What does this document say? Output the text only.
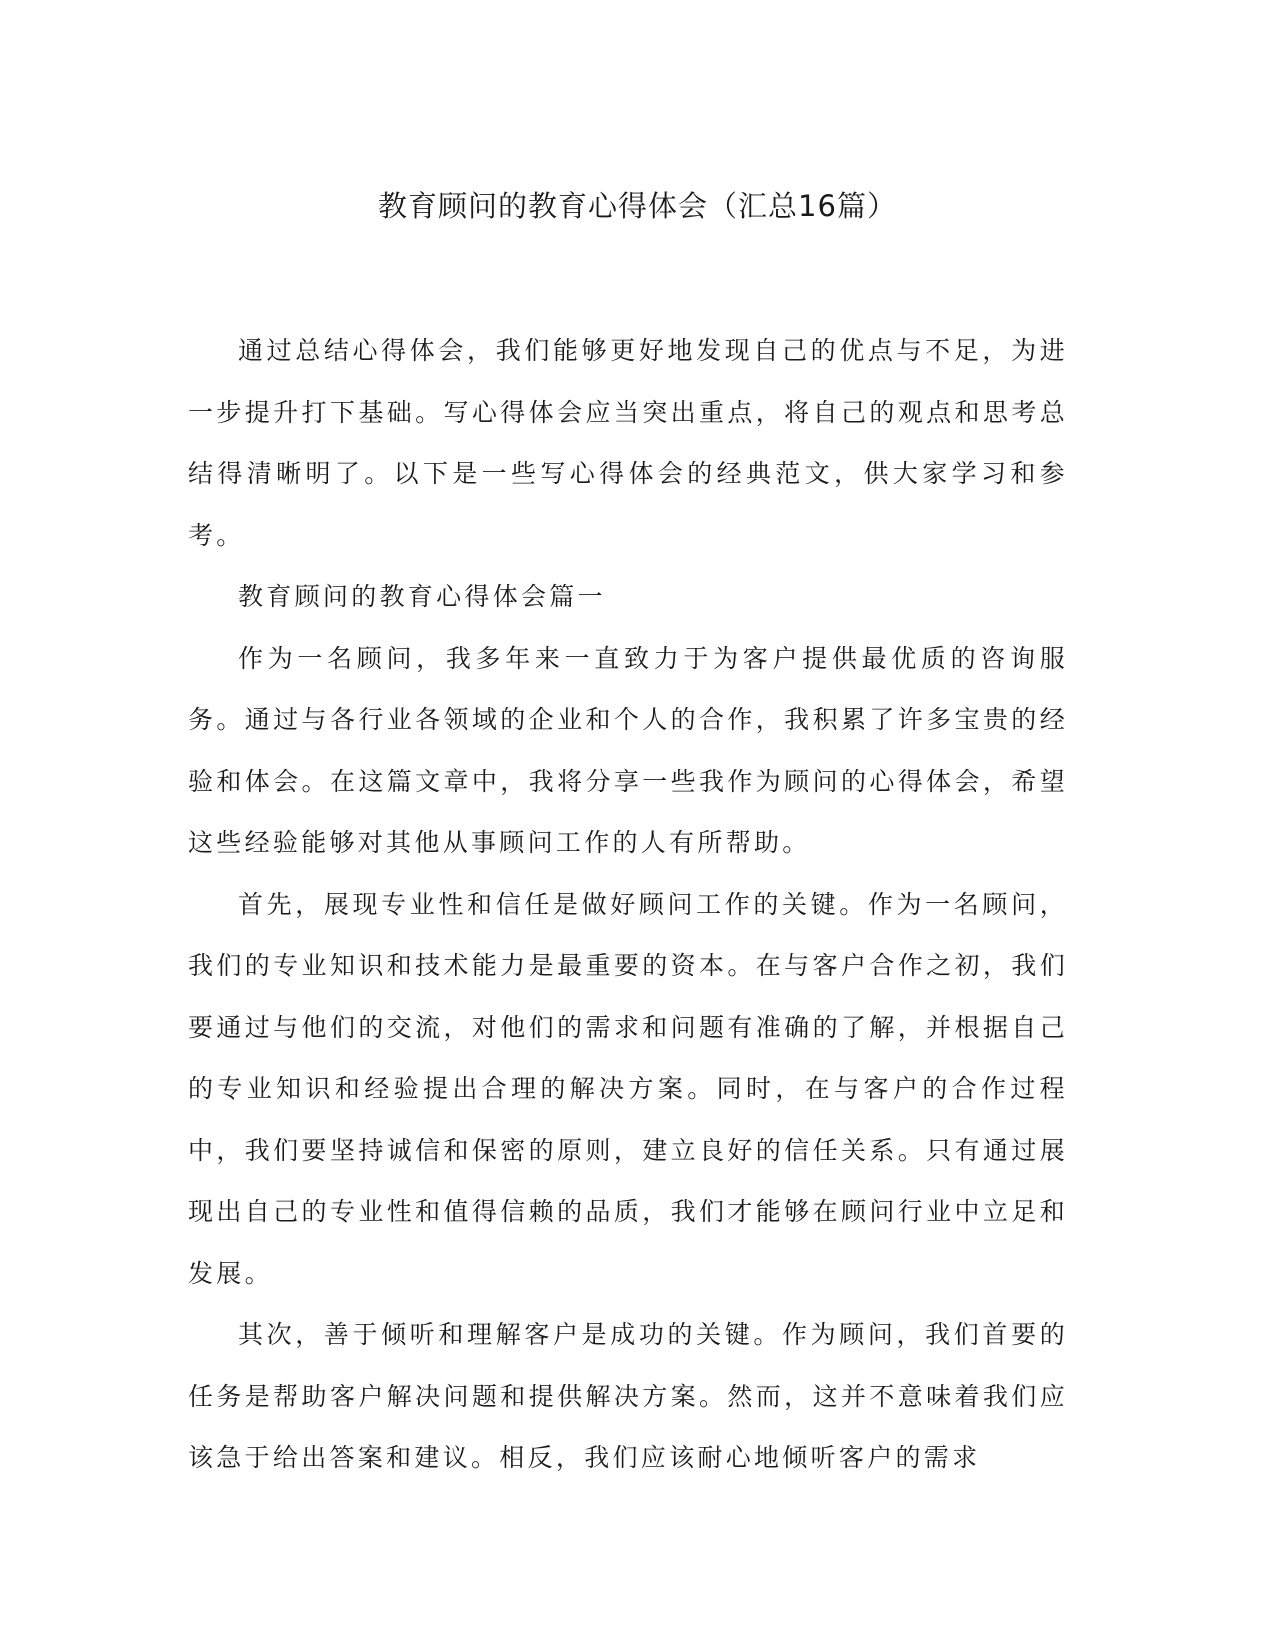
教育顾问的教育心得体会（汇总16篇）

通过总结心得体会，我们能够更好地发现自己的优点与不足，为进一步提升打下基础。写心得体会应当突出重点，将自己的观点和思考总结得清晰明了。以下是一些写心得体会的经典范文，供大家学习和参考。

教育顾问的教育心得体会篇一

作为一名顾问，我多年来一直致力于为客户提供最优质的咨询服务。通过与各行业各领域的企业和个人的合作，我积累了许多宝贵的经验和体会。在这篇文章中，我将分享一些我作为顾问的心得体会，希望这些经验能够对其他从事顾问工作的人有所帮助。

首先，展现专业性和信任是做好顾问工作的关键。作为一名顾问，我们的专业知识和技术能力是最重要的资本。在与客户合作之初，我们要通过与他们的交流，对他们的需求和问题有准确的了解，并根据自己的专业知识和经验提出合理的解决方案。同时，在与客户的合作过程中，我们要坚持诚信和保密的原则，建立良好的信任关系。只有通过展现出自己的专业性和值得信赖的品质，我们才能够在顾问行业中立足和发展。

其次，善于倾听和理解客户是成功的关键。作为顾问，我们首要的任务是帮助客户解决问题和提供解决方案。然而，这并不意味着我们应该急于给出答案和建议。相反，我们应该耐心地倾听客户的需求
